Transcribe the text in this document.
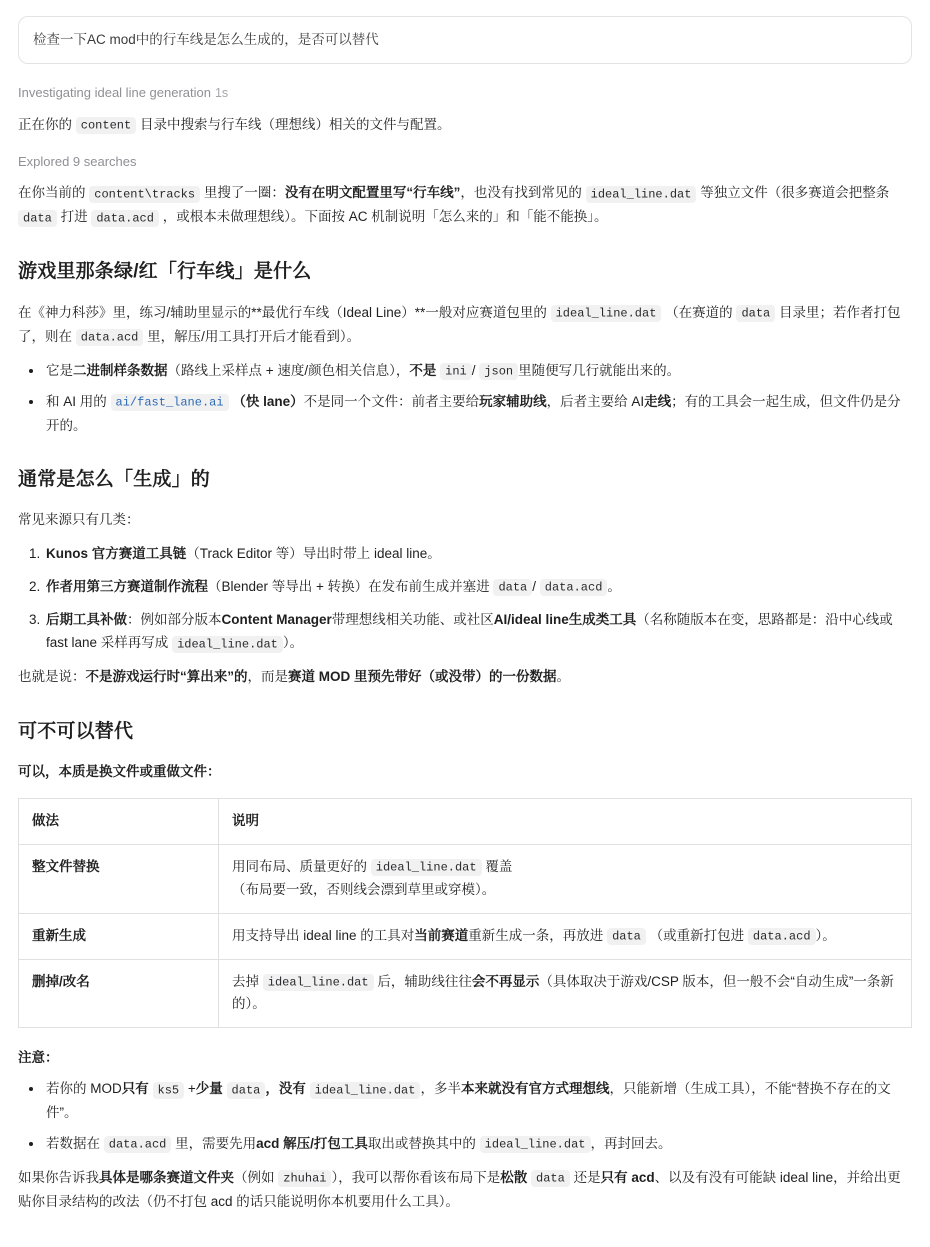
检查一下AC mod中的行车线是怎么生成的，是否可以替代
Investigating ideal line generation 1s

正在你的 content 目录中搜索与行车线（理想线）相关的文件与配置。

Explored 9 searches

在你当前的 content\tracks 里搜了一圈：没有在明文配置里写“行车线”，也没有找到常见的 ideal_line.dat 等独立文件（很多赛道会把整条 data 打进 data.acd ，或根本未做理想线）。下面按 AC 机制说明「怎么来的」和「能不能换」。

游戏里那条绿/红「行车线」是什么

在《神力科莎》里，练习/辅助里显示的**最优行车线（Ideal Line）**一般对应赛道包里的 ideal_line.dat （在赛道的 data 目录里；若作者打包了，则在 data.acd 里，解压/用工具打开后才能看到）。

• 它是二进制样条数据（路线上采样点 + 速度/颜色相关信息），不是 ini / json 里随便写几行就能出来的。
• 和 AI 用的 ai/fast_lane.ai （快 lane）不是同一个文件：前者主要给玩家辅助线，后者主要给 AI走线；有的工具会一起生成，但文件仍是分开的。
通常是怎么「生成」的

常见来源只有几类：

1. Kunos 官方赛道工具链（Track Editor 等）导出时带上 ideal line。
2. 作者用第三方赛道制作流程（Blender 等导出 + 转换）在发布前生成并塞进 data / data.acd 。
3. 后期工具补做：例如部分版本Content Manager带理想线相关功能、或社区AI/ideal line生成类工具（名称随版本在变，思路都是：沿中心线或 fast lane 采样再写成 ideal_line.dat ）。

也就是说：不是游戏运行时“算出来”的，而是赛道 MOD 里预先带好（或没带）的一份数据。

可不可以替代

可以，本质是换文件或重做文件：

做法	说明
整文件替换	用同布局、质量更好的 ideal_line.dat 覆盖
（布局要一致，否则线会漂到草里或穿模）。
重新生成	用支持导出 ideal line 的工具对当前赛道重新生成一条，再放进 data （或重新打包进 data.acd ）。
删掉/改名	去掉 ideal_line.dat 后，辅助线往往会不再显示（具体取决于游戏/CSP 版本，但一般不会“自动生成”一条新的）。
注意：
• 若你的 MOD只有 ks5 +少量 data ，没有 ideal_line.dat ，多半本来就没有官方式理想线，只能新增（生成工具），不能“替换不存在的文件”。
• 若数据在 data.acd 里，需要先用acd 解压/打包工具取出或替换其中的 ideal_line.dat ，再封回去。

如果你告诉我具体是哪条赛道文件夹（例如 zhuhai ），我可以帮你看该布局下是松散 data 还是只有 acd、以及有没有可能缺 ideal line，并给出更贴你目录结构的改法（仍不打包 acd 的话只能说明你本机要用什么工具）。
